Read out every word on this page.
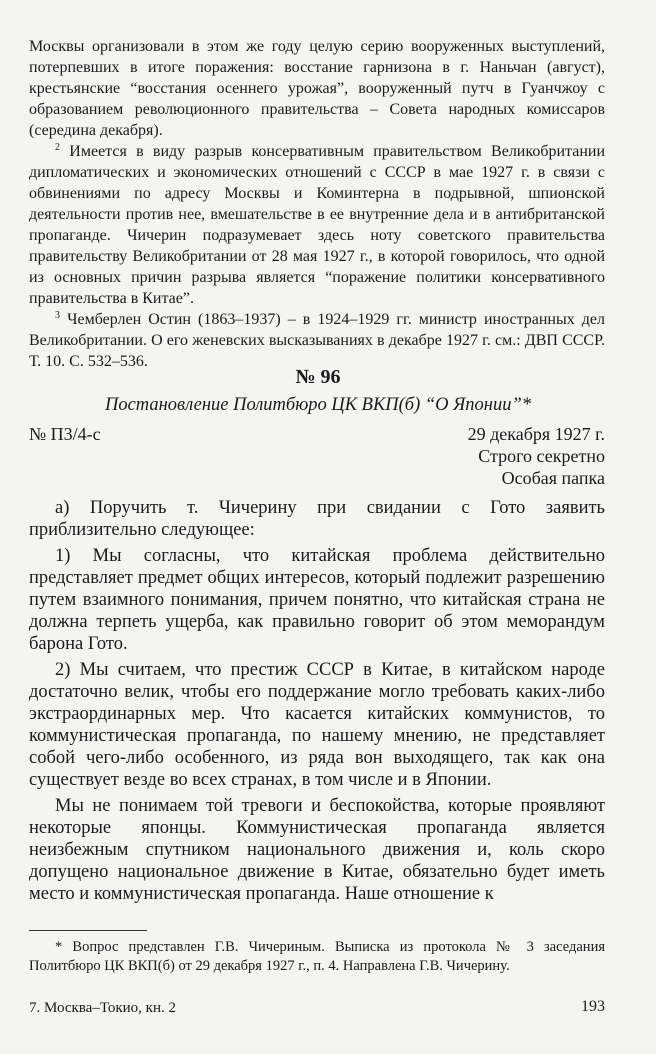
Москвы организовали в этом же году целую серию вооруженных выступлений, потерпевших в итоге поражения: восстание гарнизона в г. Наньчан (август), крестьянские “восстания осеннего урожая”, вооруженный путч в Гуанчжоу с образованием революционного правительства – Совета народных комиссаров (середина декабря).

$^2$ Имеется в виду разрыв консервативным правительством Великобритании дипломатических и экономических отношений с СССР в мае 1927 г. в связи с обвинениями по адресу Москвы и Коминтерна в подрывной, шпионской деятельности против нее, вмешательстве в ее внутренние дела и в антибританской пропаганде. Чичерин подразумевает здесь ноту советского правительства правительству Великобритании от 28 мая 1927 г., в которой говорилось, что одной из основных причин разрыва является “поражение политики консервативного правительства в Китае”.

$^3$ Чемберлен Остин (1863–1937) – в 1924–1929 гг. министр иностранных дел Великобритании. О его женевских высказываниях в декабре 1927 г. см.: ДВП СССР. Т. 10. С. 532–536.

№ 96
Постановление Политбюро ЦК ВКП(б) “О Японии”*
№ П3/4-с	29 декабря 1927 г.
Строго секретно
Особая папка

а) Поручить т. Чичерину при свидании с Гото заявить приблизительно следующее:

1) Мы согласны, что китайская проблема действительно представляет предмет общих интересов, который подлежит разрешению путем взаимного понимания, причем понятно, что китайская страна не должна терпеть ущерба, как правильно говорит об этом меморандум барона Гото.

2) Мы считаем, что престиж СССР в Китае, в китайском народе достаточно велик, чтобы его поддержание могло требовать каких-либо экстраординарных мер. Что касается китайских коммунистов, то коммунистическая пропаганда, по нашему мнению, не представляет собой чего-либо особенного, из ряда вон выходящего, так как она существует везде во всех странах, в том числе и в Японии.

Мы не понимаем той тревоги и беспокойства, которые проявляют некоторые японцы. Коммунистическая пропаганда является неизбежным спутником национального движения и, коль скоро допущено национальное движение в Китае, обязательно будет иметь место и коммунистическая пропаганда. Наше отношение к

* Вопрос представлен Г.В. Чичериным. Выписка из протокола № 3 заседания Политбюро ЦК ВКП(б) от 29 декабря 1927 г., п. 4. Направлена Г.В. Чичерину.
7. Москва–Токио, кн. 2	193
